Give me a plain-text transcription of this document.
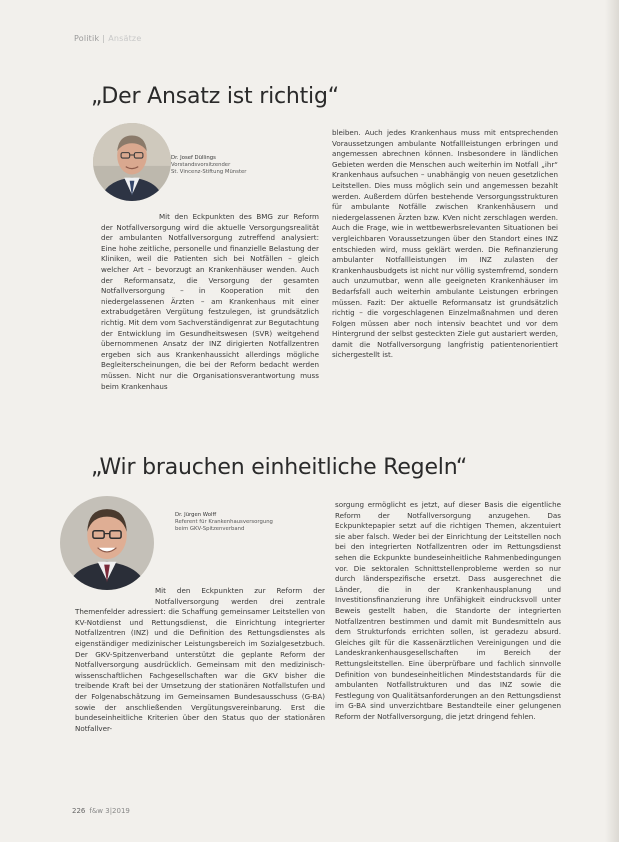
Politik | Ansätze
„Der Ansatz ist richtig“
Dr. Josef Düllings
Vorstandsvorsitzender
St. Vincenz-Stiftung Münster

Mit den Eckpunkten des BMG zur Reform der Notfallversorgung wird die aktuelle Versorgungsrealität der ambulanten Notfallversorgung zutreffend analysiert: Eine hohe zeitliche, personelle und finanzielle Belastung der Kliniken, weil die Patienten sich bei Notfällen – gleich welcher Art – bevorzugt an Krankenhäuser wenden. Auch der Reformansatz, die Versorgung der gesamten Notfallversorgung – in Kooperation mit den niedergelassenen Ärzten – am Krankenhaus mit einer extrabudgetären Vergütung festzulegen, ist grundsätzlich richtig. Mit dem vom Sachverständigenrat zur Begutachtung der Entwicklung im Gesundheitswesen (SVR) weitgehend übernommenen Ansatz der INZ dirigierten Notfallzentren ergeben sich aus Krankenhaussicht allerdings mögliche Begleiterscheinungen, die bei der Reform bedacht werden müssen. Nicht nur die Organisationsverantwortung muss beim Krankenhaus

bleiben. Auch jedes Krankenhaus muss mit entsprechenden Voraussetzungen ambulante Notfallleistungen erbringen und angemessen abrechnen können. Insbesondere in ländlichen Gebieten werden die Menschen auch weiterhin im Notfall „ihr“ Krankenhaus aufsuchen – unabhängig von neuen gesetzlichen Leitstellen. Dies muss möglich sein und angemessen bezahlt werden. Außerdem dürfen bestehende Versorgungsstrukturen für ambulante Notfälle zwischen Krankenhäusern und niedergelassenen Ärzten bzw. KVen nicht zerschlagen werden. Auch die Frage, wie in wettbewerbsrelevanten Situationen bei vergleichbaren Voraussetzungen über den Standort eines INZ entschieden wird, muss geklärt werden. Die Refinanzierung ambulanter Notfallleistungen im INZ zulasten der Krankenhausbudgets ist nicht nur völlig systemfremd, sondern auch unzumutbar, wenn alle geeigneten Krankenhäuser im Bedarfsfall auch weiterhin ambulante Leistungen erbringen müssen. Fazit: Der aktuelle Reformansatz ist grundsätzlich richtig – die vorgeschlagenen Einzelmaßnahmen und deren Folgen müssen aber noch intensiv beachtet und vor dem Hintergrund der selbst gesteckten Ziele gut austariert werden, damit die Notfallversorgung langfristig patientenorientiert sichergestellt ist.

„Wir brauchen einheitliche Regeln“
Dr. Jürgen Wolff
Referent für Krankenhausversorgung
beim GKV-Spitzenverband

Mit den Eckpunkten zur Reform der Notfallversorgung werden drei zentrale Themenfelder adressiert: die Schaffung gemeinsamer Leitstellen von KV-Notdienst und Rettungsdienst, die Einrichtung integrierter Notfallzentren (INZ) und die Definition des Rettungsdienstes als eigenständiger medizinischer Leistungsbereich im Sozialgesetzbuch. Der GKV-Spitzenverband unterstützt die geplante Reform der Notfallversorgung ausdrücklich. Gemeinsam mit den medizinisch-wissenschaftlichen Fachgesellschaften war die GKV bisher die treibende Kraft bei der Umsetzung der stationären Notfallstufen und der Folgenabschätzung im Gemeinsamen Bundesausschuss (G-BA) sowie der anschließenden Vergütungsvereinbarung. Erst die bundeseinheitliche Kriterien über den Status quo der stationären Notfallver-

sorgung ermöglicht es jetzt, auf dieser Basis die eigentliche Reform der Notfallversorgung anzugehen. Das Eckpunktepapier setzt auf die richtigen Themen, akzentuiert sie aber falsch. Weder bei der Einrichtung der Leitstellen noch bei den integrierten Notfallzentren oder im Rettungsdienst sehen die Eckpunkte bundeseinheitliche Rahmenbedingungen vor. Die sektoralen Schnittstellenprobleme werden so nur durch länderspezifische ersetzt. Dass ausgerechnet die Länder, die in der Krankenhausplanung und Investitionsfinanzierung ihre Unfähigkeit eindrucksvoll unter Beweis gestellt haben, die Standorte der integrierten Notfallzentren bestimmen und damit mit Bundesmitteln aus dem Strukturfonds errichten sollen, ist geradezu absurd. Gleiches gilt für die Kassenärztlichen Vereinigungen und die Landeskrankenhausgesellschaften im Bereich der Rettungsleitstellen. Eine überprüfbare und fachlich sinnvolle Definition von bundeseinheitlichen Mindeststandards für die ambulanten Notfallstrukturen und das INZ sowie die Festlegung von Qualitätsanforderungen an den Rettungsdienst im G-BA sind unverzichtbare Bestandteile einer gelungenen Reform der Notfallversorgung, die jetzt dringend fehlen.

226 f&w 3|2019
